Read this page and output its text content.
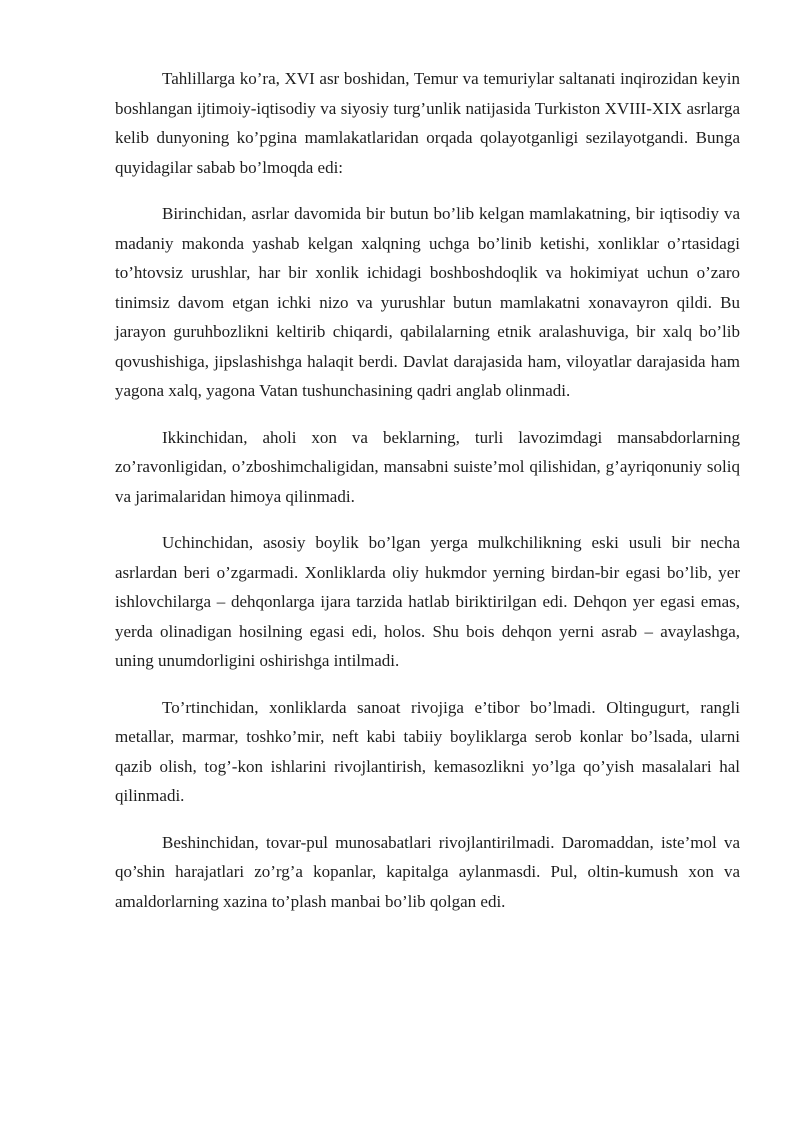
Tahlillarga ko’ra, XVI asr boshidan, Temur va temuriylar saltanati inqirozidan keyin boshlangan ijtimoiy-iqtisodiy va siyosiy turg’unlik natijasida Turkiston XVIII-XIX asrlarga kelib dunyoning ko’pgina mamlakatlaridan orqada qolayotganligi sezilayotgandi. Bunga quyidagilar sabab bo’lmoqda edi:

Birinchidan, asrlar davomida bir butun bo’lib kelgan mamlakatning, bir iqtisodiy va madaniy makonda yashab kelgan xalqning uchga bo’linib ketishi, xonliklar o’rtasidagi to’htovsiz urushlar, har bir xonlik ichidagi boshboshdoqlik va hokimiyat uchun o’zaro tinimsiz davom etgan ichki nizo va yurushlar butun mamlakatni xonavayron qildi. Bu jarayon guruhbozlikni keltirib chiqardi, qabilalarning etnik aralashuviga, bir xalq bo’lib qovushishiga, jipslashishga halaqit berdi. Davlat darajasida ham, viloyatlar darajasida ham yagona xalq, yagona Vatan tushunchasining qadri anglab olinmadi.

Ikkinchidan, aholi xon va beklarning, turli lavozimdagi mansabdorlarning zo’ravonligidan, o’zboshimchaligidan, mansabni suiste’mol qilishidan, g’ayriqonuniy soliq va jarimalaridan himoya qilinmadi.

Uchinchidan, asosiy boylik bo’lgan yerga mulkchilikning eski usuli bir necha asrlardan beri o’zgarmadi. Xonliklarda oliy hukmdor yerning birdan-bir egasi bo’lib, yer ishlovchilarga – dehqonlarga ijara tarzida hatlab biriktirilgan edi. Dehqon yer egasi emas, yerda olinadigan hosilning egasi edi, holos. Shu bois dehqon yerni asrab – avaylashga, uning unumdorligini oshirishga intilmadi.

To’rtinchidan, xonliklarda sanoat rivojiga e’tibor bo’lmadi. Oltingugurt, rangli metallar, marmar, toshko’mir, neft kabi tabiiy boyliklarga serob konlar bo’lsada, ularni qazib olish, tog’-kon ishlarini rivojlantirish, kemasozlikni yo’lga qo’yish masalalari hal qilinmadi.

Beshinchidan, tovar-pul munosabatlari rivojlantirilmadi. Daromaddan, iste’mol va qo’shin harajatlari zo’rg’a kopanlar, kapitalga aylanmasdi. Pul, oltin-kumush xon va amaldorlarning xazina to’plash manbai bo’lib qolgan edi.
